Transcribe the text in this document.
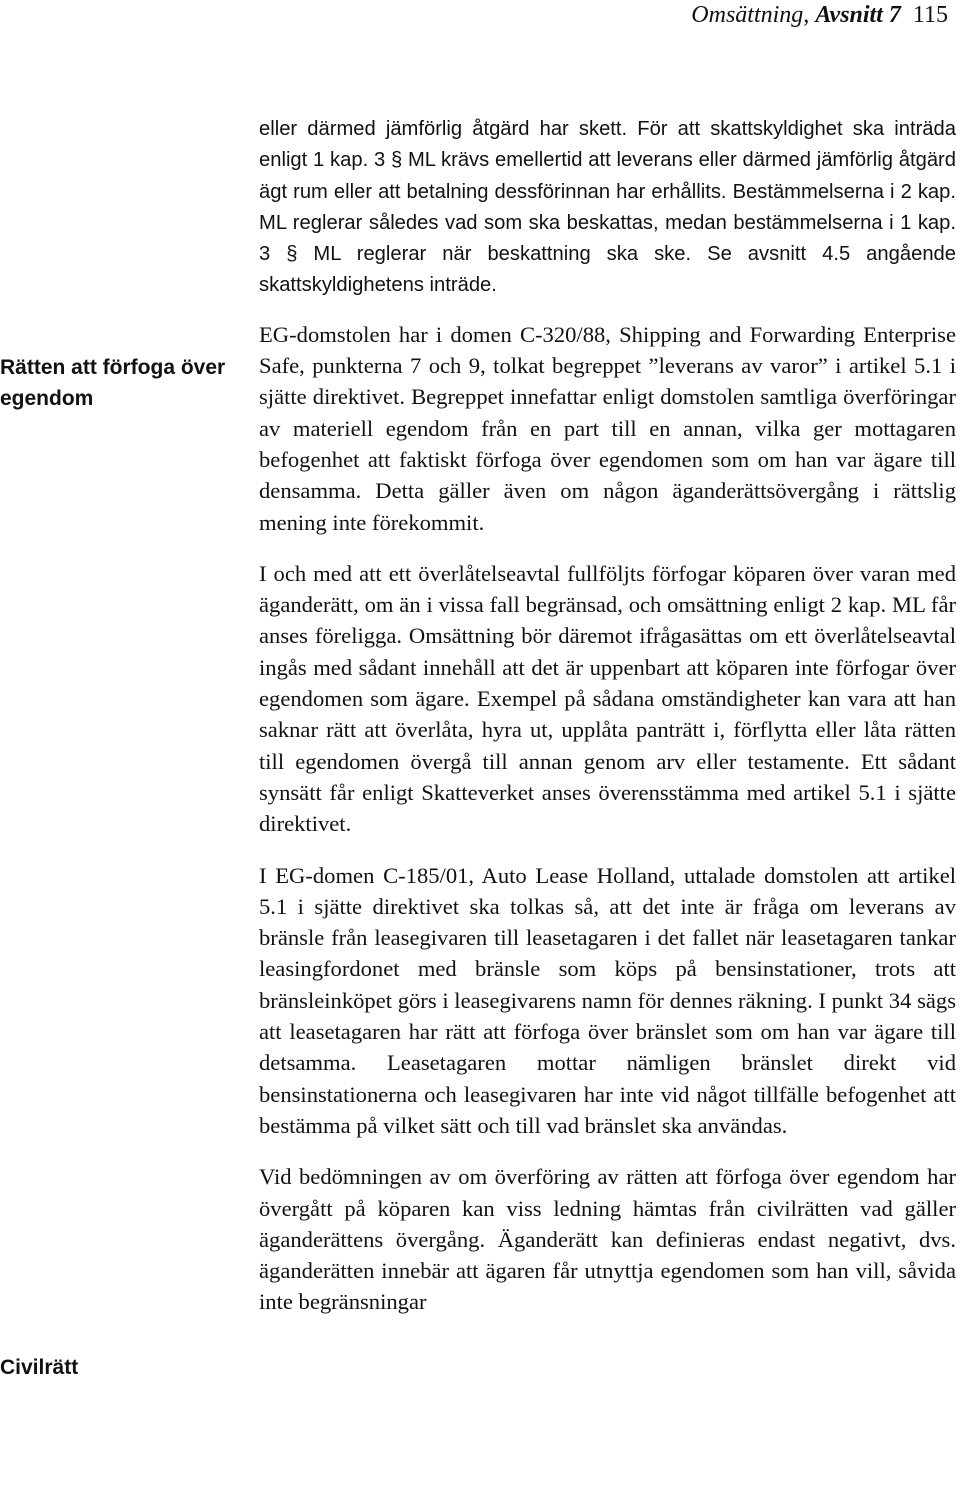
Omsättning, Avsnitt 7 115
Rätten att förfoga över egendom
Civilrätt

eller därmed jämförlig åtgärd har skett. För att skattskyldighet ska inträda enligt 1 kap. 3 § ML krävs emellertid att leverans eller därmed jämförlig åtgärd ägt rum eller att betalning dessförinnan har erhållits. Bestämmelserna i 2 kap. ML reglerar således vad som ska beskattas, medan bestämmelserna i 1 kap. 3 § ML reglerar när beskattning ska ske. Se avsnitt 4.5 angående skattskyldighetens inträde.

EG-domstolen har i domen C-320/88, Shipping and Forwarding Enterprise Safe, punkterna 7 och 9, tolkat begreppet ”leverans av varor” i artikel 5.1 i sjätte direktivet. Begreppet innefattar enligt domstolen samtliga överföringar av materiell egendom från en part till en annan, vilka ger mottagaren befogenhet att faktiskt förfoga över egendomen som om han var ägare till densamma. Detta gäller även om någon äganderättsövergång i rättslig mening inte förekommit.

I och med att ett överlåtelseavtal fullföljts förfogar köparen över varan med äganderätt, om än i vissa fall begränsad, och omsättning enligt 2 kap. ML får anses föreligga. Omsättning bör däremot ifrågasättas om ett överlåtelseavtal ingås med sådant innehåll att det är uppenbart att köparen inte förfogar över egendomen som ägare. Exempel på sådana omständigheter kan vara att han saknar rätt att överlåta, hyra ut, upplåta panträtt i, förflytta eller låta rätten till egendomen övergå till annan genom arv eller testamente. Ett sådant synsätt får enligt Skatteverket anses överensstämma med artikel 5.1 i sjätte direktivet.

I EG-domen C-185/01, Auto Lease Holland, uttalade domstolen att artikel 5.1 i sjätte direktivet ska tolkas så, att det inte är fråga om leverans av bränsle från leasegivaren till leasetagaren i det fallet när leasetagaren tankar leasingfordonet med bränsle som köps på bensinstationer, trots att bränsleinköpet görs i leasegivarens namn för dennes räkning. I punkt 34 sägs att leasetagaren har rätt att förfoga över bränslet som om han var ägare till detsamma. Leasetagaren mottar nämligen bränslet direkt vid bensinstationerna och leasegivaren har inte vid något tillfälle befogenhet att bestämma på vilket sätt och till vad bränslet ska användas.

Vid bedömningen av om överföring av rätten att förfoga över egendom har övergått på köparen kan viss ledning hämtas från civilrätten vad gäller äganderättens övergång. Äganderätt kan definieras endast negativt, dvs. äganderätten innebär att ägaren får utnyttja egendomen som han vill, såvida inte begränsningar
